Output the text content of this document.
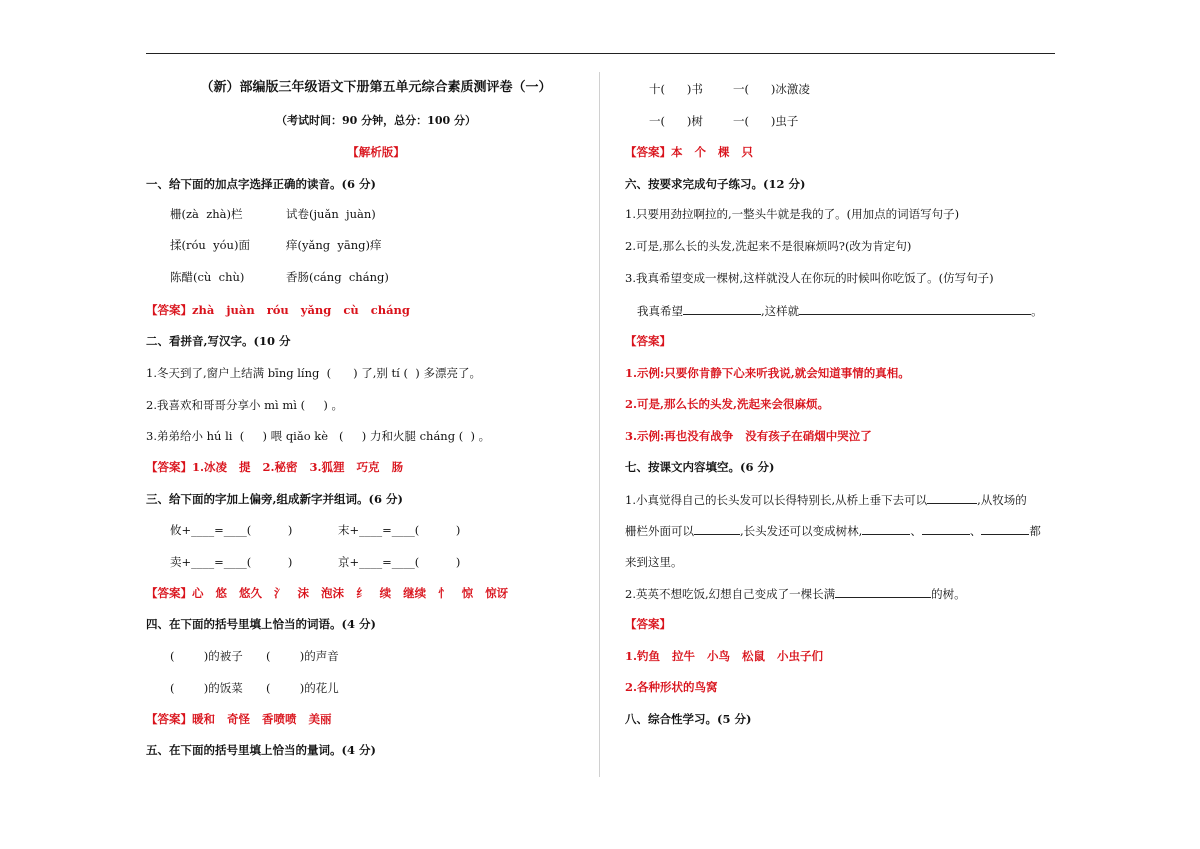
（新）部编版三年级语文下册第五单元综合素质测评卷（一）
（考试时间：90 分钟，总分：100 分）
【解析版】
一、给下面的加点字选择正确的读音。(6 分)
栅(zà  zhà)栏	试卷(juǎn  juàn)
揉(róu  yóu)面	痒(yǎng  yāng)痒
陈醋(cù  chù)	香肠(cáng  cháng)
【答案】zhà   juàn   róu   yǎng   cù   cháng
二、看拼音,写汉字。(10 分
1.冬天到了,窗户上结满 bīng líng  (      ) 了,别 tí (  ) 多漂亮了。
2.我喜欢和哥哥分享小 mì mì (     ) 。
3.弟弟给小 hú li  (     ) 喂 qiǎo kè   (     ) 力和火腿 cháng (  ) 。
【答案】1.冰凌   提   2.秘密   3.狐狸   巧克   肠
三、给下面的字加上偏旁,组成新字并组词。(6 分)
攸+____=____(          )	末+____=____(          )
卖+____=____(          )	京+____=____(          )
【答案】心   悠   悠久   氵   沫   泡沫   纟   续   继续   忄   惊   惊讶
四、在下面的括号里填上恰当的词语。(4 分)
(        )的被子 (        )的声音
(        )的饭菜 (        )的花儿
【答案】暖和   奇怪   香喷喷   美丽
五、在下面的括号里填上恰当的量词。(4 分)
十(      )书	一(      )冰激凌
一(      )树	一(      )虫子
【答案】本   个   棵   只
六、按要求完成句子练习。(12 分)
1.只要用劲拉啊拉的,一整头牛就是我的了。(用加点的词语写句子)
2.可是,那么长的头发,洗起来不是很麻烦吗?(改为肯定句)
3.我真希望变成一棵树,这样就没人在你玩的时候叫你吃饭了。(仿写句子)
我真希望	,这样就	。
【答案】
1.示例:只要你肯静下心来听我说,就会知道事情的真相。
2.可是,那么长的头发,洗起来会很麻烦。
3.示例:再也没有战争   没有孩子在硝烟中哭泣了
七、按课文内容填空。(6 分)
1.小真觉得自己的长头发可以长得特别长,从桥上垂下去可以	,从牧场的
栅栏外面可以	,长头发还可以变成树林,	、	、	都
来到这里。
2.英英不想吃饭,幻想自己变成了一棵长满	的树。
【答案】
1.钓鱼   拉牛   小鸟   松鼠   小虫子们
2.各种形状的鸟窝
八、综合性学习。(5 分)
